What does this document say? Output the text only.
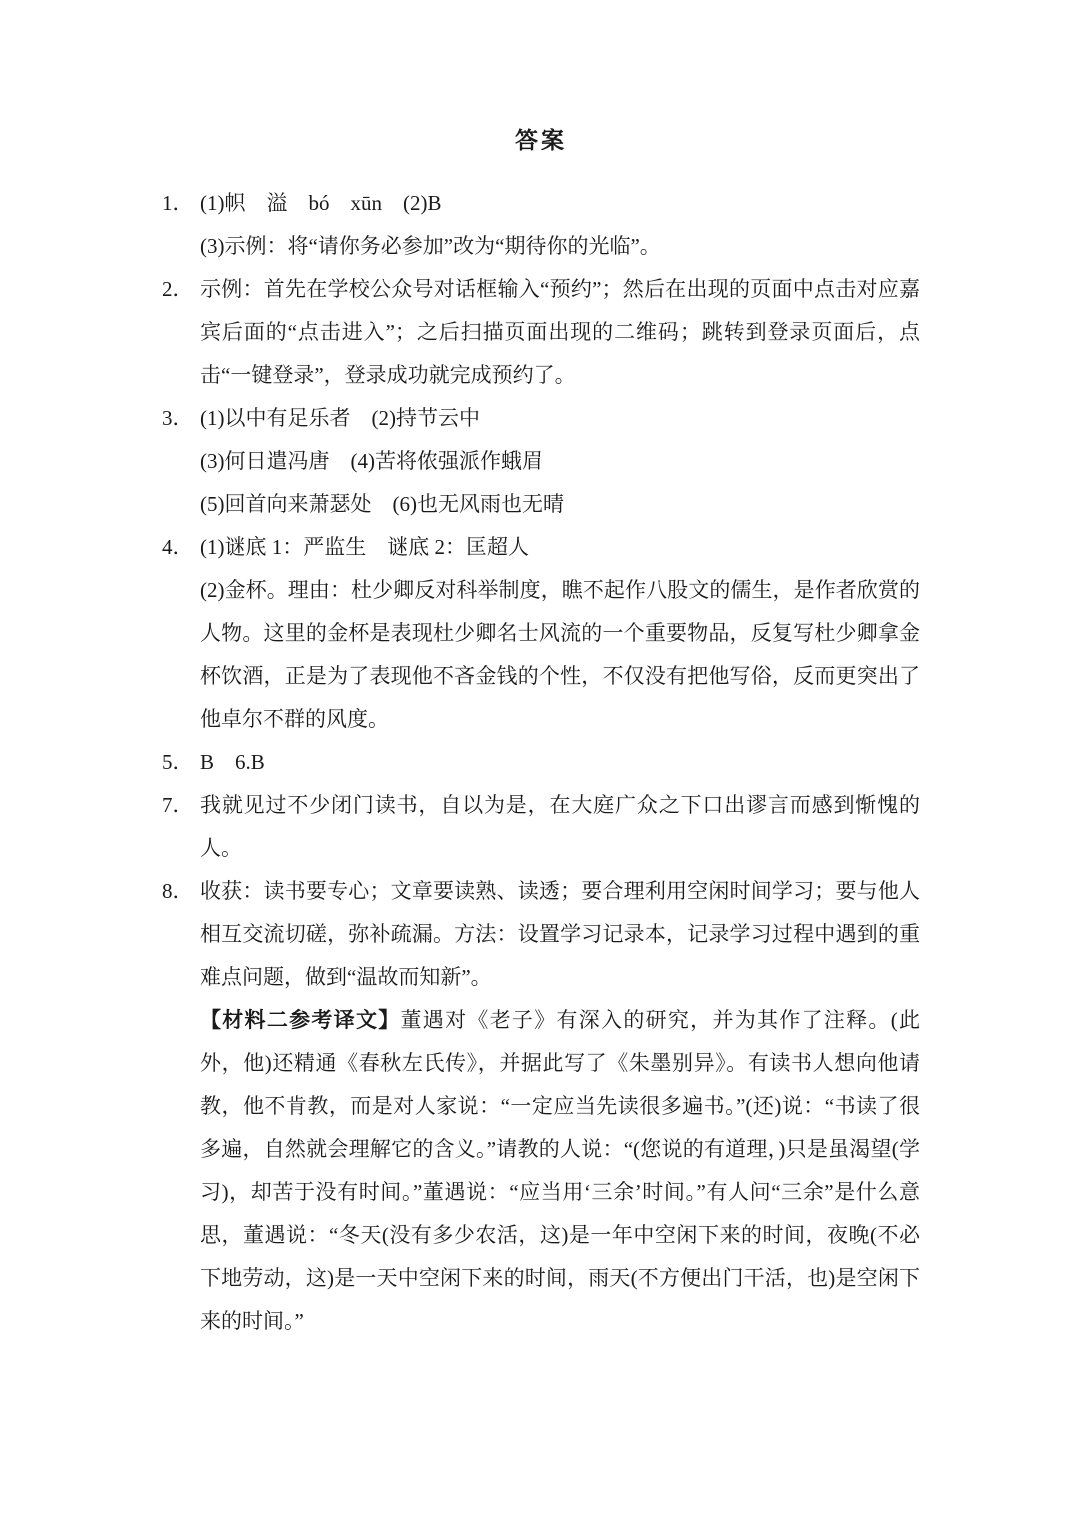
答案
1． (1)帜　溢　bó　xūn　(2)B

(3)示例：将“请你务必参加”改为“期待你的光临”。

2． 示例：首先在学校公众号对话框输入“预约”；然后在出现的页面中点击对应嘉宾后面的“点击进入”；之后扫描页面出现的二维码；跳转到登录页面后，点击“一键登录”，登录成功就完成预约了。

3． (1)以中有足乐者　(2)持节云中

(3)何日遣冯唐　(4)苦将侬强派作蛾眉

(5)回首向来萧瑟处　(6)也无风雨也无晴

4． (1)谜底 1：严监生　谜底 2：匡超人

(2)金杯。理由：杜少卿反对科举制度，瞧不起作八股文的儒生，是作者欣赏的人物。这里的金杯是表现杜少卿名士风流的一个重要物品，反复写杜少卿拿金杯饮酒，正是为了表现他不吝金钱的个性，不仅没有把他写俗，反而更突出了他卓尔不群的风度。

5． B　6.B

7． 我就见过不少闭门读书，自以为是，在大庭广众之下口出谬言而感到惭愧的人。

8． 收获：读书要专心；文章要读熟、读透；要合理利用空闲时间学习；要与他人相互交流切磋，弥补疏漏。方法：设置学习记录本，记录学习过程中遇到的重难点问题，做到“温故而知新”。

【材料二参考译文】董遇对《老子》有深入的研究，并为其作了注释。(此外，他)还精通《春秋左氏传》，并据此写了《朱墨别异》。有读书人想向他请教，他不肯教，而是对人家说：“一定应当先读很多遍书。”(还)说：“书读了很多遍，自然就会理解它的含义。”请教的人说：“(您说的有道理，)只是虽渴望(学习)，却苦于没有时间。”董遇说：“应当用‘三余’时间。”有人问“三余”是什么意思，董遇说：“冬天(没有多少农活，这)是一年中空闲下来的时间，夜晚(不必下地劳动，这)是一天中空闲下来的时间，雨天(不方便出门干活，也)是空闲下来的时间。”
